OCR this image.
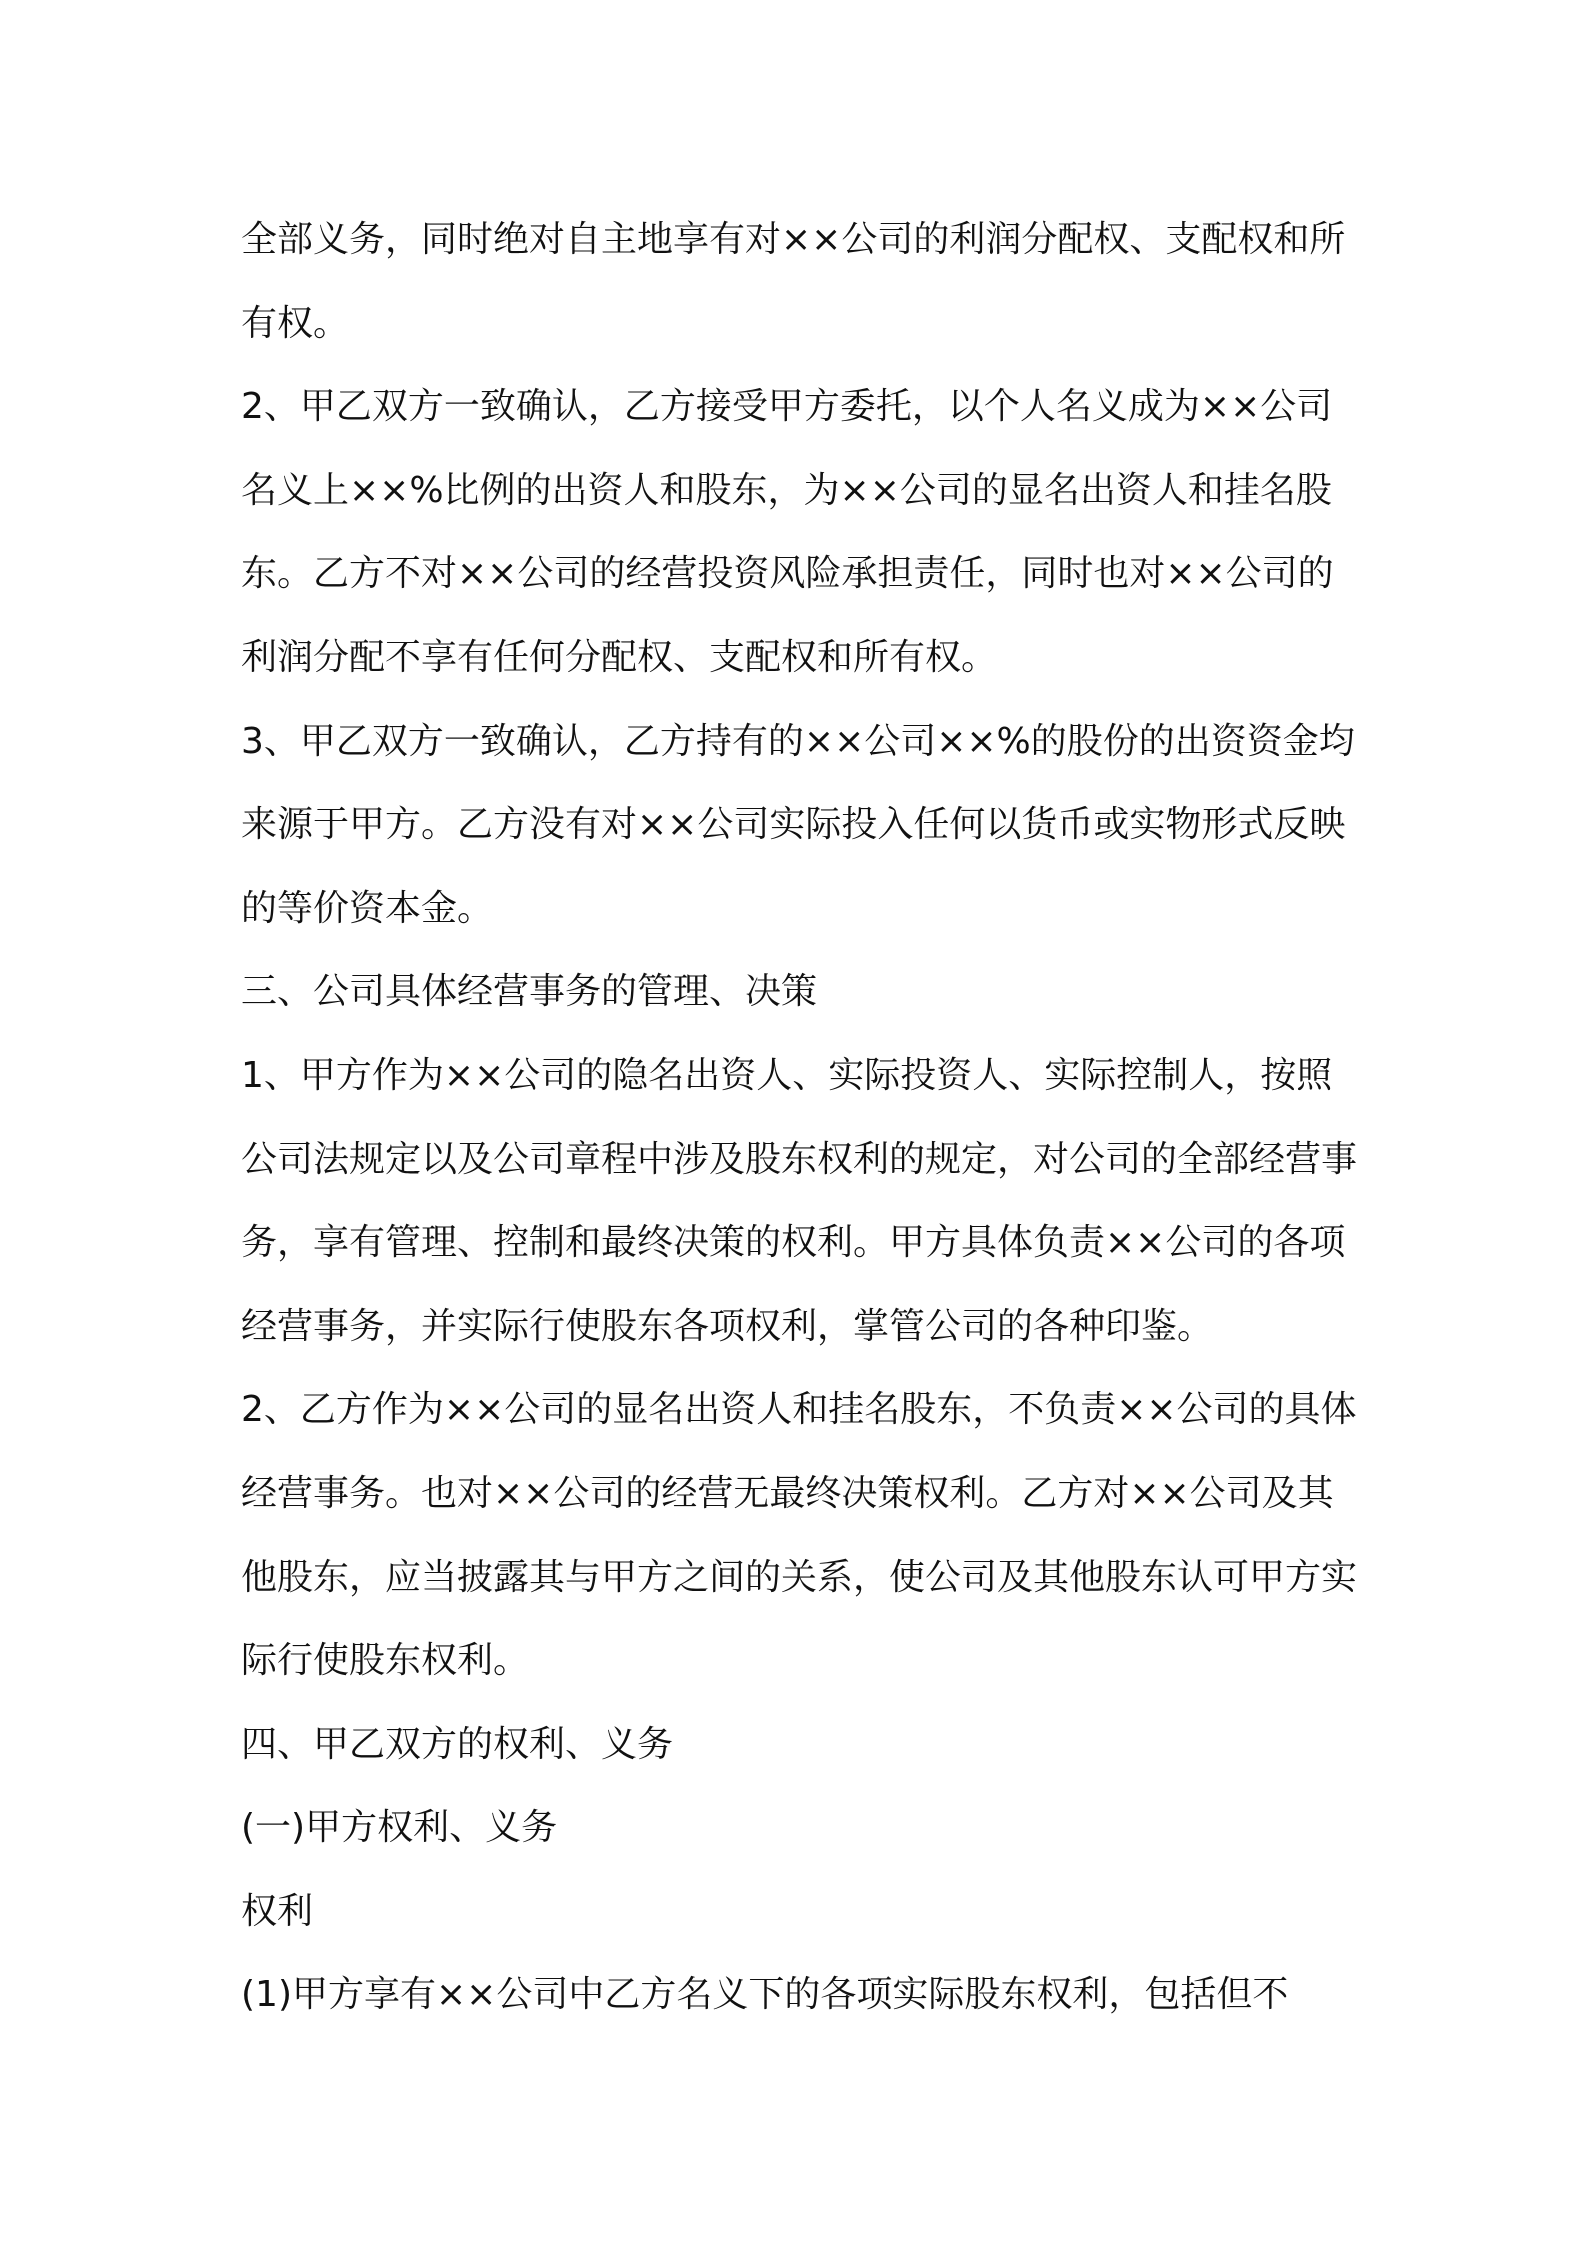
全部义务，同时绝对自主地享有对××公司的利润分配权、支配权和所有权。

2、甲乙双方一致确认，乙方接受甲方委托，以个人名义成为××公司名义上××%比例的出资人和股东，为××公司的显名出资人和挂名股东。乙方不对××公司的经营投资风险承担责任，同时也对××公司的利润分配不享有任何分配权、支配权和所有权。

3、甲乙双方一致确认，乙方持有的××公司××%的股份的出资资金均来源于甲方。乙方没有对××公司实际投入任何以货币或实物形式反映的等价资本金。

三、公司具体经营事务的管理、决策

1、甲方作为××公司的隐名出资人、实际投资人、实际控制人，按照公司法规定以及公司章程中涉及股东权利的规定，对公司的全部经营事务，享有管理、控制和最终决策的权利。甲方具体负责××公司的各项经营事务，并实际行使股东各项权利，掌管公司的各种印鉴。

2、乙方作为××公司的显名出资人和挂名股东，不负责××公司的具体经营事务。也对××公司的经营无最终决策权利。乙方对××公司及其他股东，应当披露其与甲方之间的关系，使公司及其他股东认可甲方实际行使股东权利。

四、甲乙双方的权利、义务

(一)甲方权利、义务

权利

(1)甲方享有××公司中乙方名义下的各项实际股东权利，包括但不
